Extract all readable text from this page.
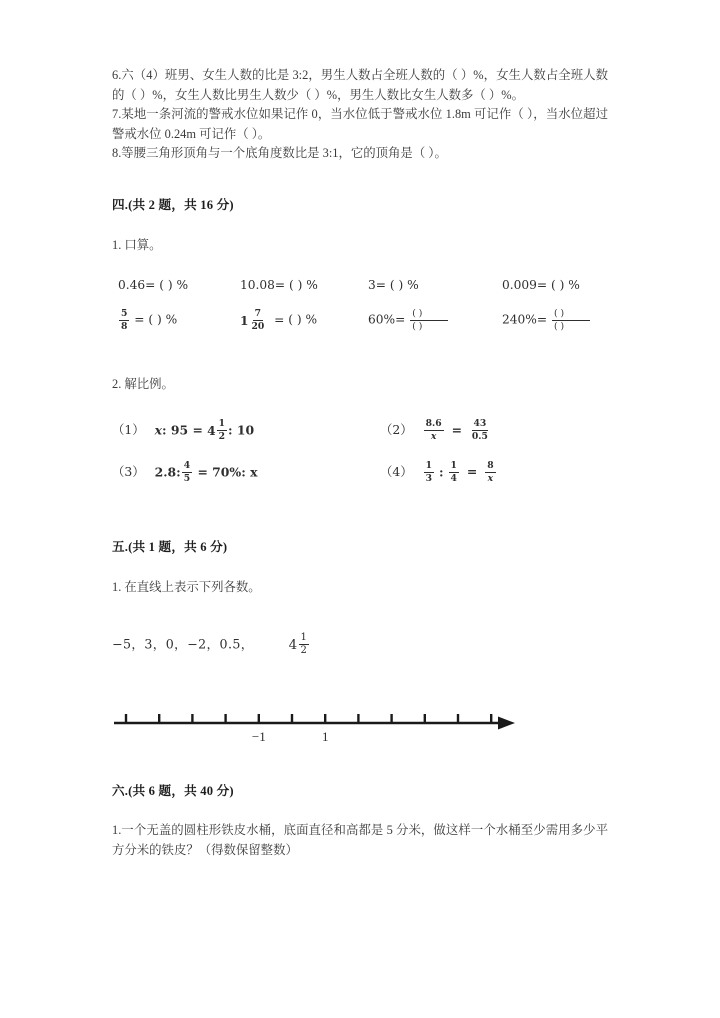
6.六（4）班男、女生人数的比是 3:2，男生人数占全班人数的（ ）%，女生人数占全班人数的（ ）%，女生人数比男生人数少（ ）%，男生人数比女生人数多（ ）%。

7.某地一条河流的警戒水位如果记作 0，当水位低于警戒水位 1.8m 可记作（ ），当水位超过警戒水位 0.24m 可记作（ ）。

8.等腰三角形顶角与一个底角度数比是 3:1，它的顶角是（ ）。

四.(共 2 题，共 16 分)
1. 口算。
0.46= ( ) %	10.08= ( ) %	3= ( ) %	0.009= ( ) %
$\frac{5}{8}$ = ( ) %	$1 \frac{7}{20}$ = ( ) %	$60\%= \frac{( )}{( )}$	$240\%= \frac{( )}{( )}$
2. 解比例。
（1） x: $95 = 4 \frac{1}{2}$ : 10	$(2) \frac{8.6}{x} = \frac{43}{0.5}$
（3） 2.8: $\frac{4}{5} = 70\%$: x	$(4) \frac{1}{3}$ : $\frac{1}{4} = \frac{8}{x}$
五.(共 1 题，共 6 分)
1. 在直线上表示下列各数。
−5，3，0，−2，0.5，	$4 \frac{1}{2}$
−1	1
六.(共 6 题，共 40 分)

1.一个无盖的圆柱形铁皮水桶，底面直径和高都是 5 分米，做这样一个水桶至少需用多少平方分米的铁皮？（得数保留整数）
